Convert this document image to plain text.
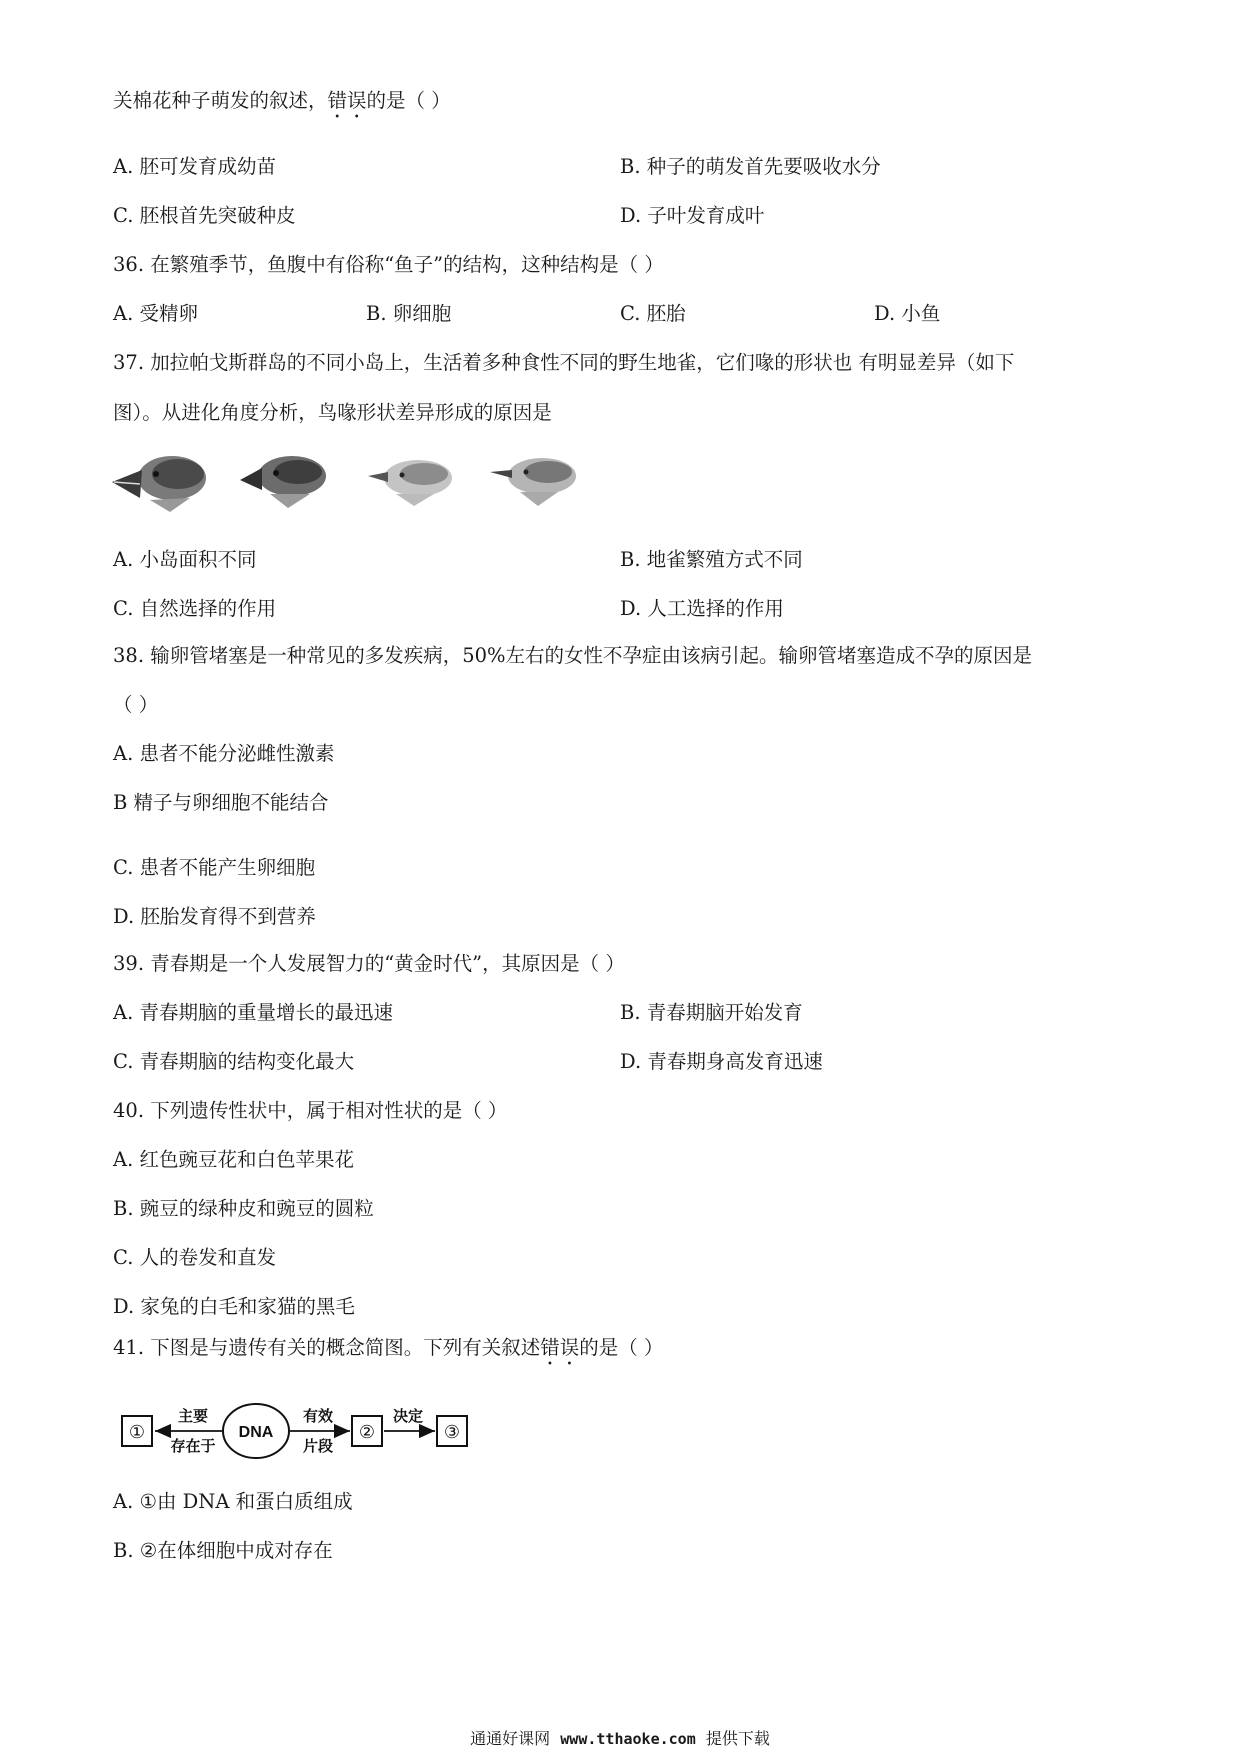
关棉花种子萌发的叙述，错误的是（ ）
A. 胚可发育成幼苗	B. 种子的萌发首先要吸收水分
C. 胚根首先突破种皮	D. 子叶发育成叶
36. 在繁殖季节，鱼腹中有俗称“鱼子”的结构，这种结构是（ ）
A. 受精卵	B. 卵细胞	C. 胚胎	D. 小鱼
37. 加拉帕戈斯群岛的不同小岛上，生活着多种食性不同的野生地雀，它们喙的形状也 有明显差异（如下
图）。从进化角度分析，鸟喙形状差异形成的原因是
A. 小岛面积不同	B. 地雀繁殖方式不同
C. 自然选择的作用	D. 人工选择的作用
38. 输卵管堵塞是一种常见的多发疾病，50%左右的女性不孕症由该病引起。输卵管堵塞造成不孕的原因是
（ ）
A. 患者不能分泌雌性激素
B 精子与卵细胞不能结合
C. 患者不能产生卵细胞
D. 胚胎发育得不到营养
39. 青春期是一个人发展智力的“黄金时代”，其原因是（ ）
A. 青春期脑的重量增长的最迅速	B. 青春期脑开始发育
C. 青春期脑的结构变化最大	D. 青春期身高发育迅速
40. 下列遗传性状中，属于相对性状的是（ ）
A. 红色豌豆花和白色苹果花
B. 豌豆的绿种皮和豌豆的圆粒
C. 人的卷发和直发
D. 家兔的白毛和家猫的黑毛
41. 下图是与遗传有关的概念简图。下列有关叙述错误的是（ ）
①
主要
存在于
DNA
有效
片段
②
决定
③
A. ①由 DNA 和蛋白质组成
B. ②在体细胞中成对存在
通通好课网 www.tthaoke.com 提供下载
